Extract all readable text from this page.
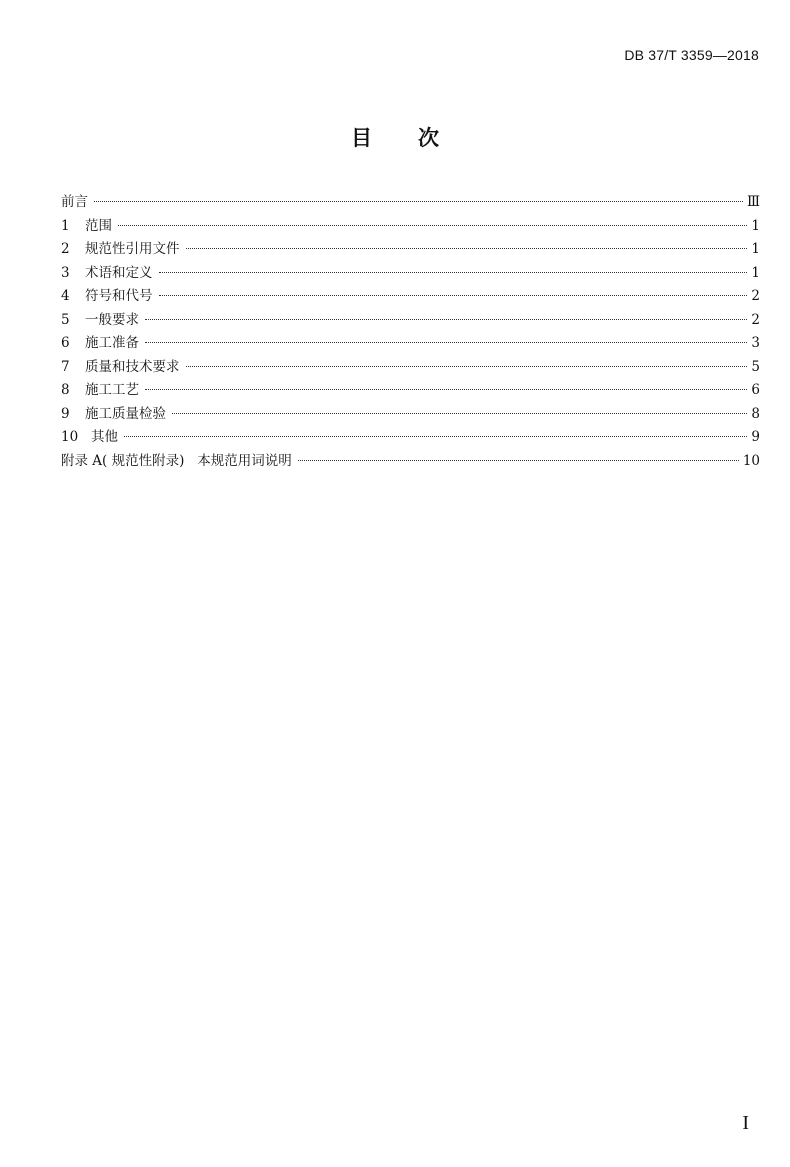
DB 37/T 3359—2018
目 次
前言	Ⅲ
1	范围	1
2	规范性引用文件	1
3	术语和定义	1
4	符号和代号	2
5	一般要求	2
6	施工准备	3
7	质量和技术要求	5
8	施工工艺	6
9	施工质量检验	8
10 其他	9
附录 A( 规范性附录)   本规范用词说明	10
I
